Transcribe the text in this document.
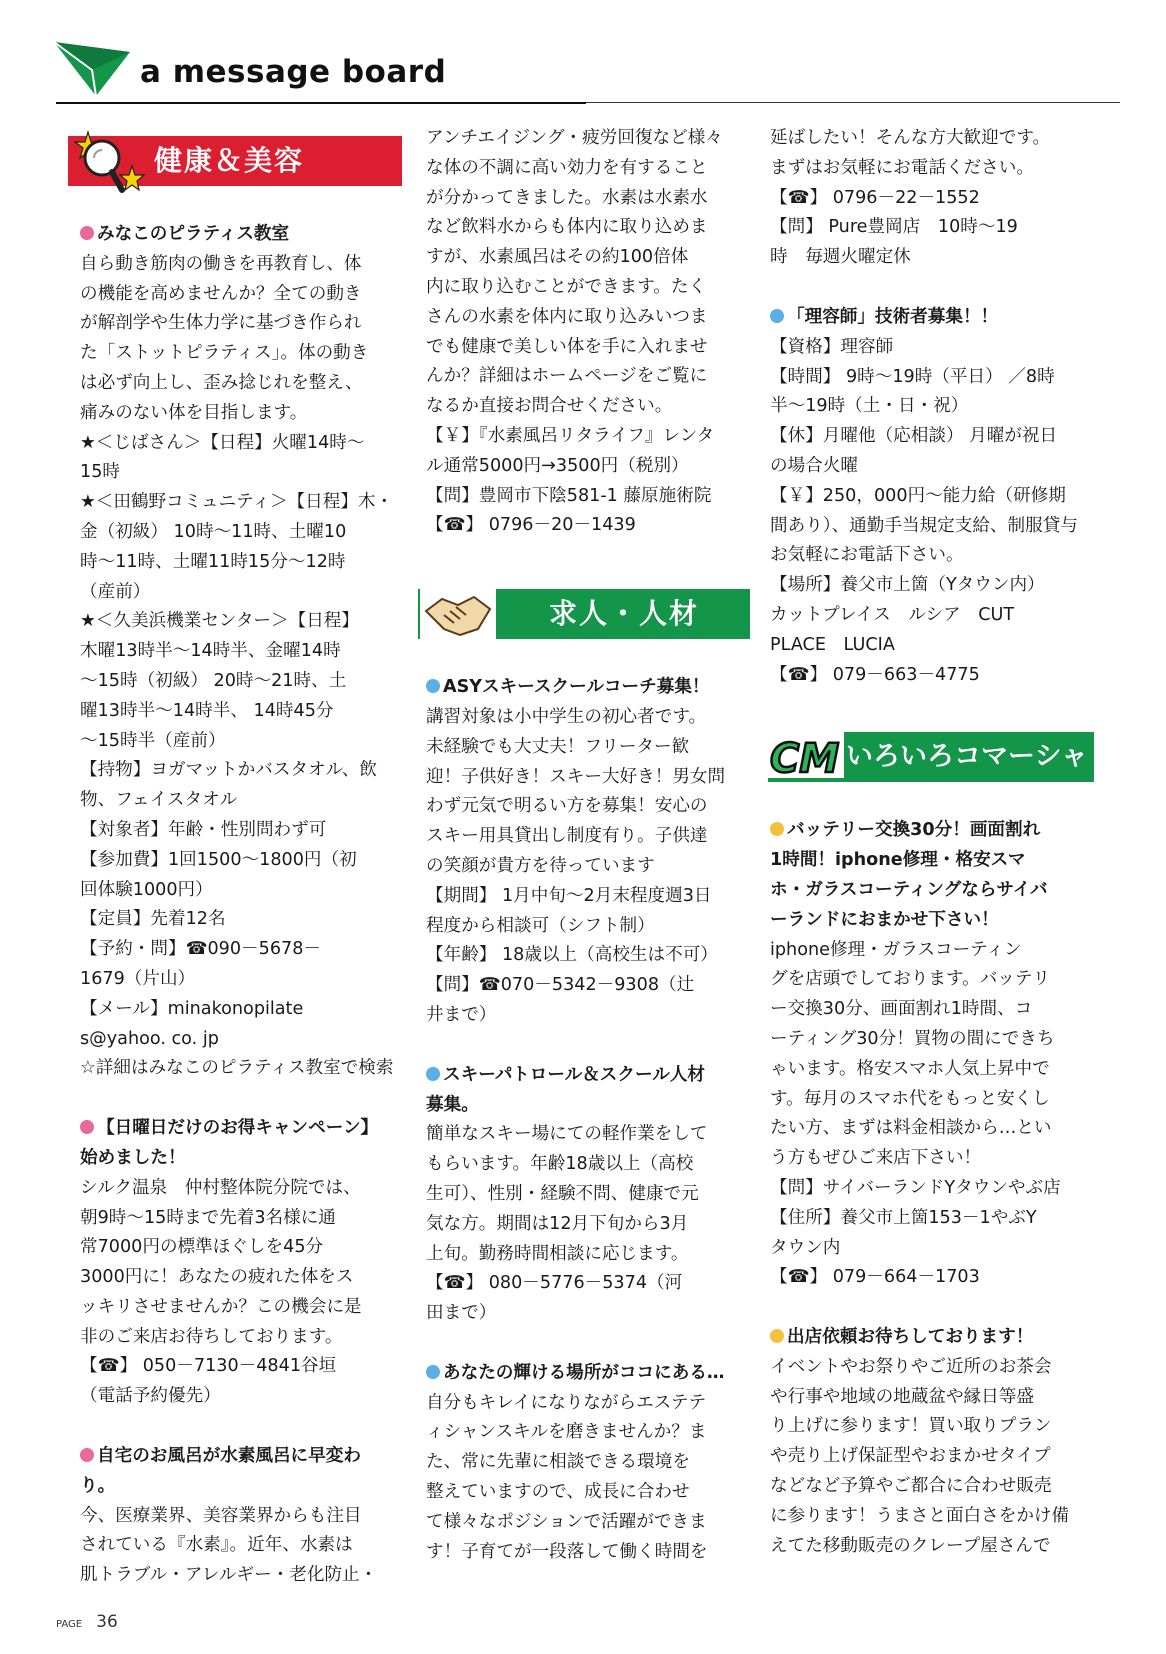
a message board
健康＆美容

みなこのピラティス教室

自ら動き筋肉の働きを再教育し、体

の機能を高めませんか？全ての動き

が解剖学や生体力学に基づき作られ

た「ストットピラティス」。体の動き

は必ず向上し、歪み捻じれを整え、

痛みのない体を目指します。

★＜じばさん＞【日程】火曜14時～

15時

★＜田鶴野コミュニティ＞【日程】木・

金（初級） 10時～11時、土曜10

時～11時、土曜11時15分～12時

（産前）

★＜久美浜機業センター＞【日程】

木曜13時半～14時半、金曜14時

～15時（初級） 20時～21時、土

曜13時半～14時半、 14時45分

～15時半（産前）

【持物】ヨガマットかバスタオル、飲

物、フェイスタオル

【対象者】年齢・性別問わず可

【参加費】1回1500～1800円（初

回体験1000円）

【定員】先着12名

【予約・問】☎090－5678－

1679（片山）

【メール】minakonopilate

s@yahoo. co. jp

☆詳細はみなこのピラティス教室で検索

【日曜日だけのお得キャンペーン】

始めました！

シルク温泉　仲村整体院分院では、

朝9時～15時まで先着3名様に通

常7000円の標準ほぐしを45分

3000円に！あなたの疲れた体をス

ッキリさせませんか？この機会に是

非のご来店お待ちしております。

【☎】 050－7130－4841谷垣

（電話予約優先）

自宅のお風呂が水素風呂に早変わり。

今、医療業界、美容業界からも注目

されている『水素』。近年、水素は

肌トラブル・アレルギー・老化防止・

アンチエイジング・疲労回復など様々

な体の不調に高い効力を有すること

が分かってきました。水素は水素水

など飲料水からも体内に取り込めま

すが、水素風呂はその約100倍体

内に取り込むことができます。たく

さんの水素を体内に取り込みいつま

でも健康で美しい体を手に入れませ

んか？詳細はホームページをご覧に

なるか直接お問合せください。

【￥】『水素風呂リタライフ』レンタ

ル通常5000円→3500円（税別）

【問】豊岡市下陰581-1 藤原施術院

【☎】 0796－20－1439

求人・人材

ASYスキースクールコーチ募集！

講習対象は小中学生の初心者です。

未経験でも大丈夫！フリーター歓

迎！子供好き！スキー大好き！男女問

わず元気で明るい方を募集！安心の

スキー用具貸出し制度有り。子供達

の笑顔が貴方を待っています

【期間】 1月中旬～2月末程度週3日

程度から相談可（シフト制）

【年齢】 18歳以上（高校生は不可）

【問】☎070－5342－9308（辻

井まで）

スキーパトロール＆スクール人材

募集。

簡単なスキー場にての軽作業をして

もらいます。年齢18歳以上（高校

生可）、性別・経験不問、健康で元

気な方。期間は12月下旬から3月

上旬。勤務時間相談に応じます。

【☎】 080－5776－5374（河

田まで）

あなたの輝ける場所がココにある…

自分もキレイになりながらエステテ

ィシャンスキルを磨きませんか？ま

た、常に先輩に相談できる環境を

整えていますので、成長に合わせ

て様々なポジションで活躍ができま

す！子育てが一段落して働く時間を

延ばしたい！そんな方大歓迎です。

まずはお気軽にお電話ください。

【☎】 0796－22－1552

【問】 Pure豊岡店　10時～19

時　毎週火曜定休

「理容師」技術者募集！！

【資格】理容師

【時間】 9時～19時（平日） ／8時

半～19時（土・日・祝）

【休】月曜他（応相談） 月曜が祝日

の場合火曜

【￥】250，000円～能力給（研修期

間あり）、通勤手当規定支給、制服貸与

お気軽にお電話下さい。

【場所】養父市上箇（Yタウン内）

カットプレイス　ルシア　CUT

PLACE　LUCIA

【☎】 079－663－4775

いろいろコマーシャル
CM

バッテリー交換30分！画面割れ

1時間！iphone修理・格安スマ

ホ・ガラスコーティングならサイバ

ーランドにおまかせ下さい！

iphone修理・ガラスコーティン

グを店頭でしております。バッテリ

ー交換30分、画面割れ1時間、コ

ーティング30分！買物の間にできち

ゃいます。格安スマホ人気上昇中で

す。毎月のスマホ代をもっと安くし

たい方、まずは料金相談から…とい

う方もぜひご来店下さい！

【問】サイバーランドYタウンやぶ店

【住所】養父市上箇153－1やぶY

タウン内

【☎】 079－664－1703

出店依頼お待ちしております！

イベントやお祭りやご近所のお茶会

や行事や地域の地蔵盆や縁日等盛

り上げに参ります！買い取りプラン

や売り上げ保証型やおまかせタイプ

などなど予算やご都合に合わせ販売

に参ります！うまさと面白さをかけ備

えてた移動販売のクレープ屋さんで

PAGE 36
